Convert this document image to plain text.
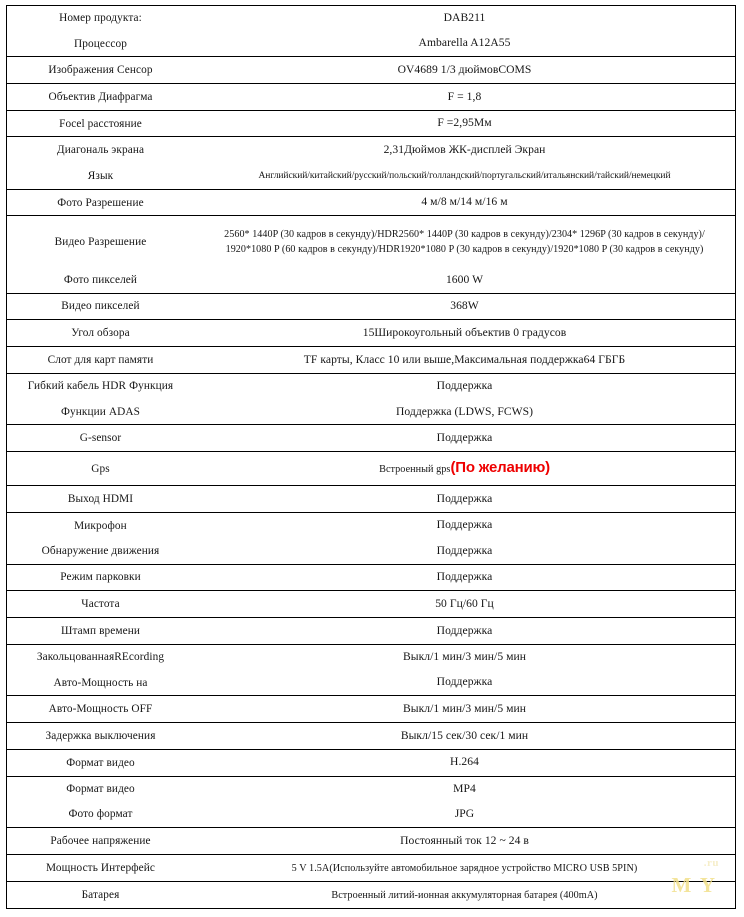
Номер продукта:	DAB211
Процессор	Ambarella A12A55
Изображения Сенсор	OV4689 1/3 дюймовCOMS
Объектив Диафрагма	F = 1,8
Focel расстояние	F =2,95Мм
Диагональ экрана	2,31Дюймов ЖК-дисплей Экран
Язык	Английский/китайский/русский/польский/голландский/португальский/итальянский/тайский/немецкий
Фото Разрешение	4 м/8 м/14 м/16 м
Видео Разрешение	2560* 1440P (30 кадров в секунду)/HDR2560* 1440P (30 кадров в секунду)/2304* 1296P (30 кадров в секунду)/
1920*1080 P (60 кадров в секунду)/HDR1920*1080 P (30 кадров в секунду)/1920*1080 P (30 кадров в секунду)
Фото пикселей	1600 W
Видео пикселей	368W
Угол обзора	15Широкоугольный объектив 0 градусов
Слот для карт памяти	TF карты, Класс 10 или выше,Максимальная поддержка64 ГБГБ
Гибкий кабель HDR Функция	Поддержка
Функции ADAS	Поддержка (LDWS, FCWS)
G-sensor	Поддержка
Gps	Встроенный gps(По желанию)
Выход HDMI	Поддержка
Микрофон	Поддержка
Обнаружение движения	Поддержка
Режим парковки	Поддержка
Частота	50 Гц/60 Гц
Штамп времени	Поддержка
ЗакольцованнаяREcording	Выкл/1 мин/3 мин/5 мин
Авто-Мощность на	Поддержка
Авто-Мощность OFF	Выкл/1 мин/3 мин/5 мин
Задержка выключения	Выкл/15 сек/30 сек/1 мин
Формат видео	H.264
Формат видео	MP4
Фото формат	JPG
Рабочее напряжение	Постоянный ток 12 ~ 24 в
Мощность Интерфейс	5 V 1.5A(Используйте автомобильное зарядное устройство MICRO USB 5PIN)
Батарея	Встроенный литий-ионная аккумуляторная батарея (400mA)
.ru
M Y
